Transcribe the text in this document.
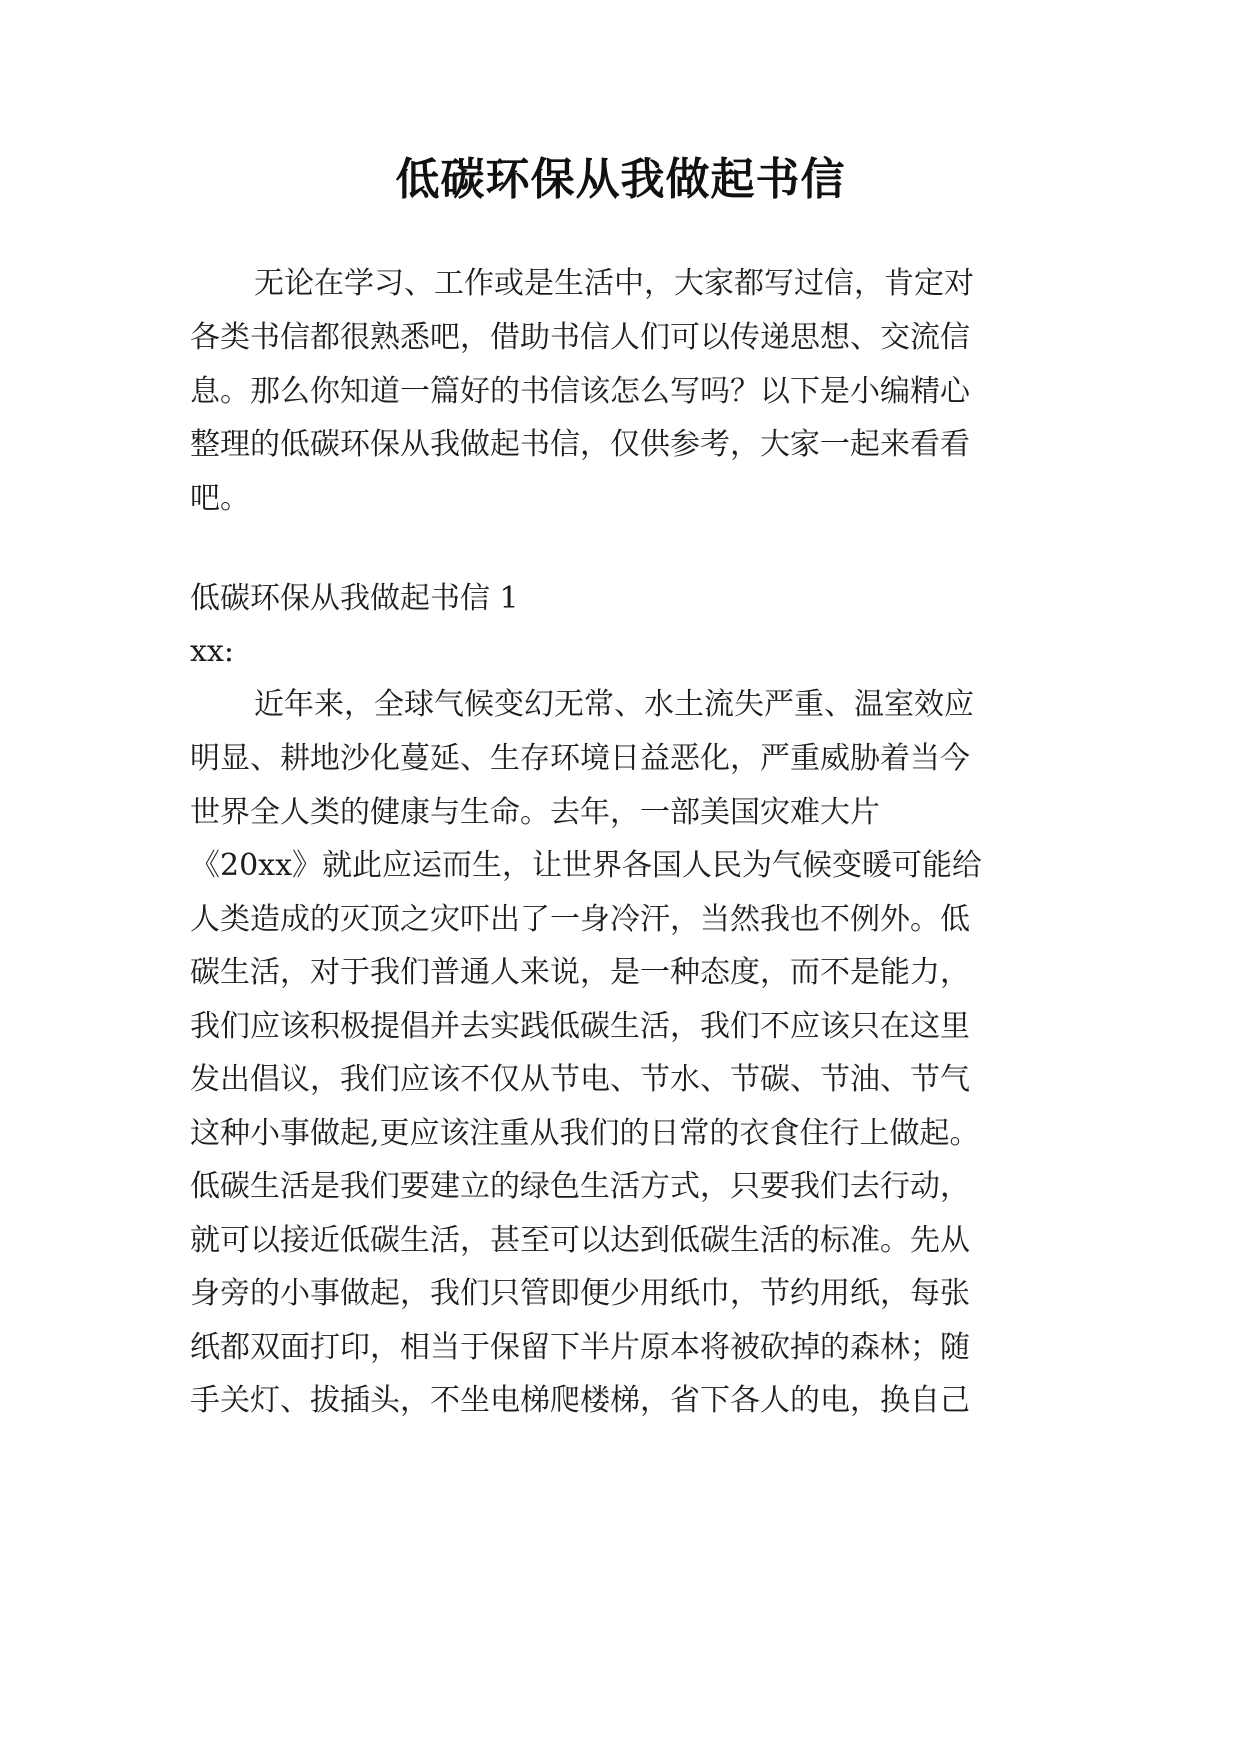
低碳环保从我做起书信
无论在学习、工作或是生活中，大家都写过信，肯定对
各类书信都很熟悉吧，借助书信人们可以传递思想、交流信
息。那么你知道一篇好的书信该怎么写吗？以下是小编精心
整理的低碳环保从我做起书信，仅供参考，大家一起来看看
吧。
低碳环保从我做起书信 1
xx:
近年来，全球气候变幻无常、水土流失严重、温室效应
明显、耕地沙化蔓延、生存环境日益恶化，严重威胁着当今
世界全人类的健康与生命。去年，一部美国灾难大片
《20xx》就此应运而生，让世界各国人民为气候变暖可能给
人类造成的灭顶之灾吓出了一身冷汗，当然我也不例外。低
碳生活，对于我们普通人来说，是一种态度，而不是能力，
我们应该积极提倡并去实践低碳生活，我们不应该只在这里
发出倡议，我们应该不仅从节电、节水、节碳、节油、节气
这种小事做起,更应该注重从我们的日常的衣食住行上做起。
低碳生活是我们要建立的绿色生活方式，只要我们去行动，
就可以接近低碳生活，甚至可以达到低碳生活的标准。先从
身旁的小事做起，我们只管即便少用纸巾，节约用纸，每张
纸都双面打印，相当于保留下半片原本将被砍掉的森林；随
手关灯、拔插头，不坐电梯爬楼梯，省下各人的电，换自己
